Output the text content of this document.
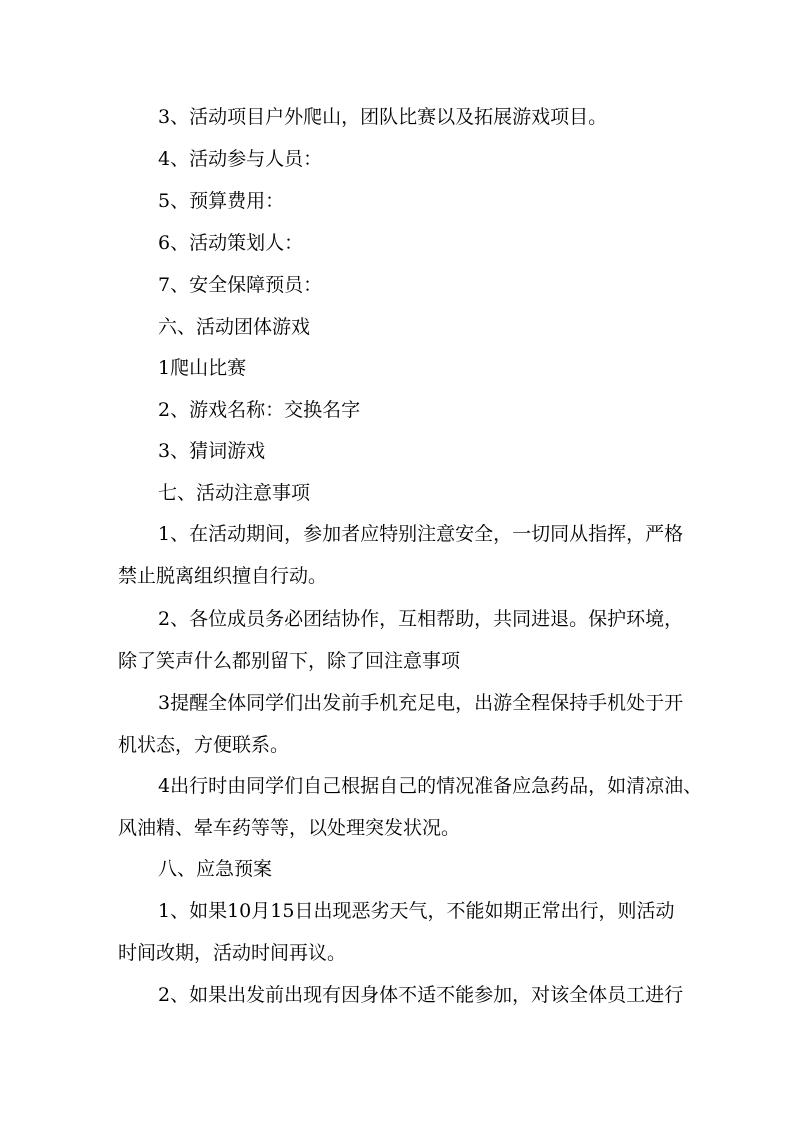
3、活动项目户外爬山，团队比赛以及拓展游戏项目。
4、活动参与人员：
5、预算费用：
6、活动策划人：
7、安全保障预员：
六、活动团体游戏
1爬山比赛
2、游戏名称：交换名字
3、猜词游戏
七、活动注意事项
1、在活动期间，参加者应特别注意安全，一切同从指挥，严格
禁止脱离组织擅自行动。
2、各位成员务必团结协作，互相帮助，共同进退。保护环境，
除了笑声什么都别留下，除了回注意事项
3提醒全体同学们出发前手机充足电，出游全程保持手机处于开
机状态，方便联系。
4出行时由同学们自己根据自己的情况准备应急药品，如清凉油、
风油精、晕车药等等，以处理突发状况。
八、应急预案
1、如果10月15日出现恶劣天气，不能如期正常出行，则活动
时间改期，活动时间再议。
2、如果出发前出现有因身体不适不能参加，对该全体员工进行
